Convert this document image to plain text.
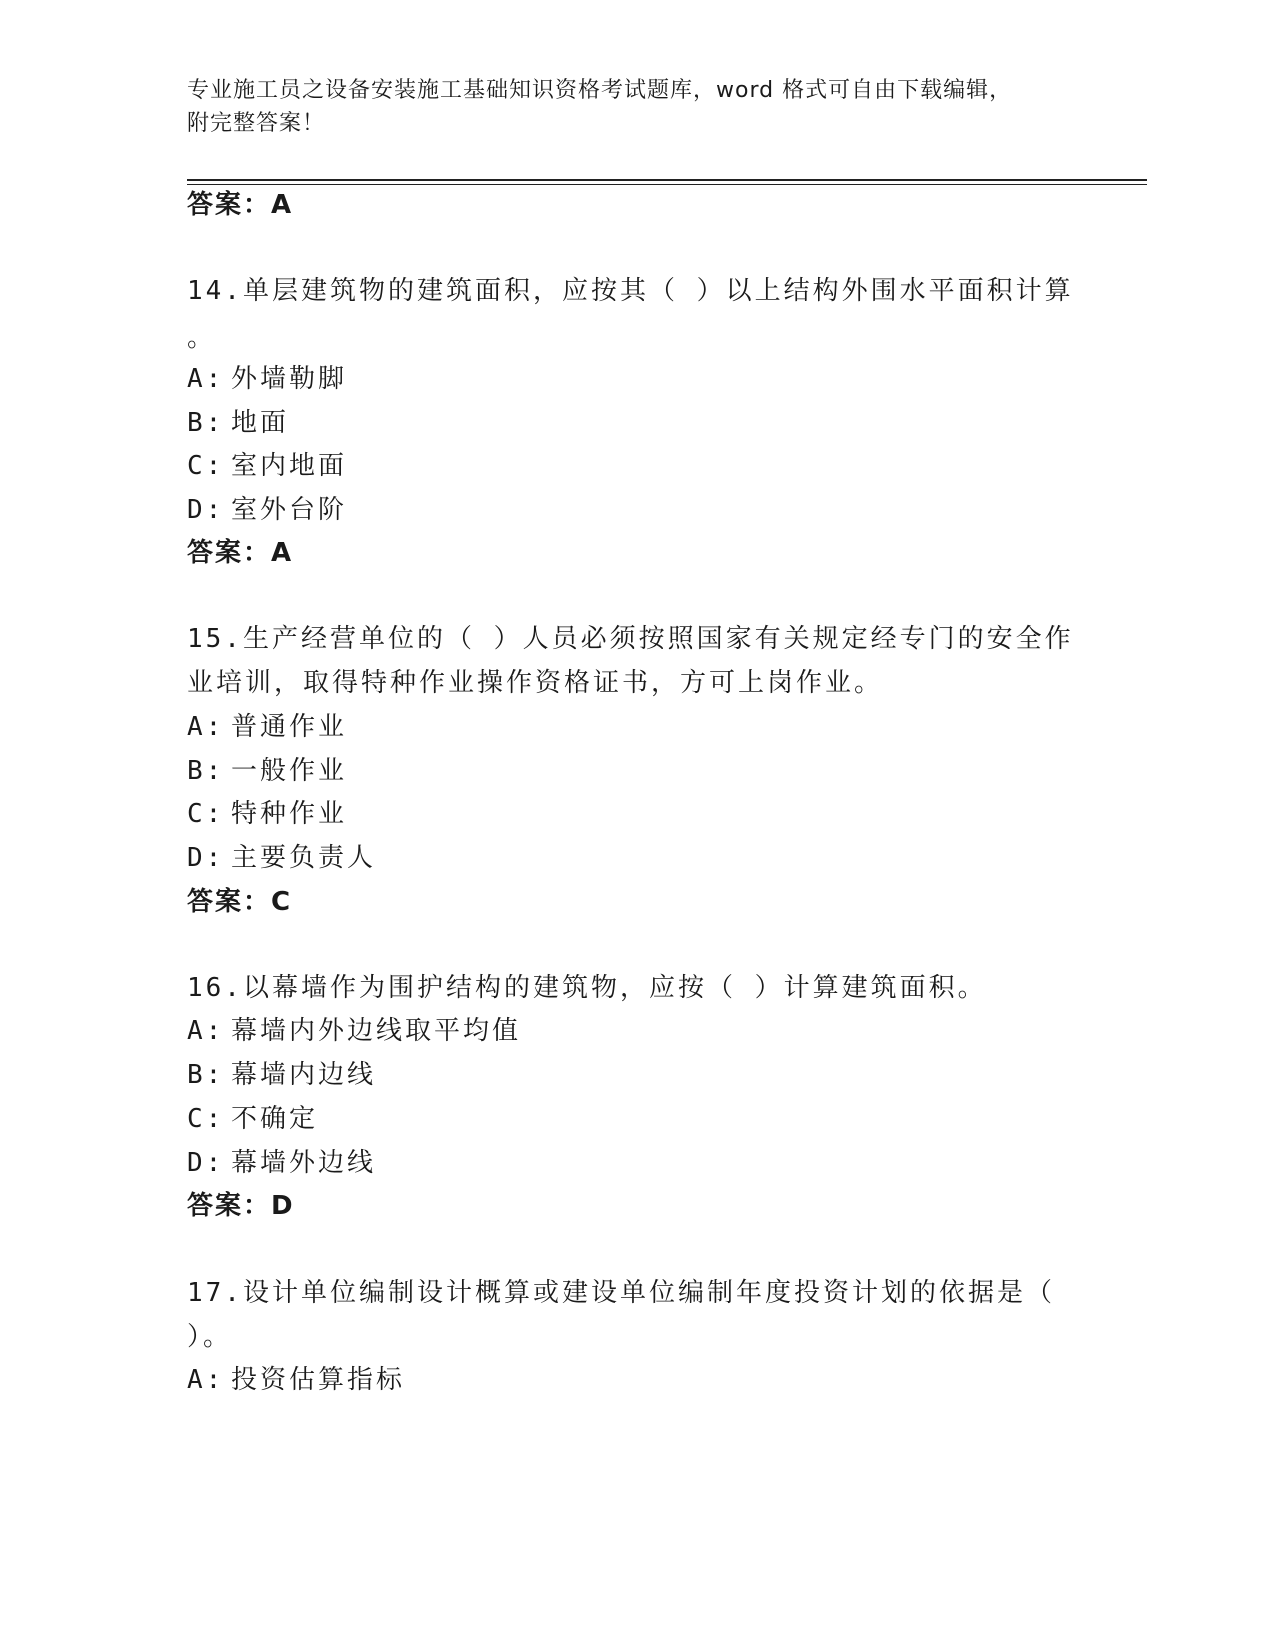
专业施工员之设备安装施工基础知识资格考试题库，word 格式可自由下载编辑，
附完整答案！
答案：A
14.单层建筑物的建筑面积，应按其（ ）以上结构外围水平面积计算
。
A: 外墙勒脚
B: 地面
C: 室内地面
D: 室外台阶
答案：A
15.生产经营单位的（ ）人员必须按照国家有关规定经专门的安全作
业培训，取得特种作业操作资格证书，方可上岗作业。
A: 普通作业
B: 一般作业
C: 特种作业
D: 主要负责人
答案：C
16.以幕墙作为围护结构的建筑物，应按（ ）计算建筑面积。
A: 幕墙内外边线取平均值
B: 幕墙内边线
C: 不确定
D: 幕墙外边线
答案：D
17.设计单位编制设计概算或建设单位编制年度投资计划的依据是（
）。
A: 投资估算指标
